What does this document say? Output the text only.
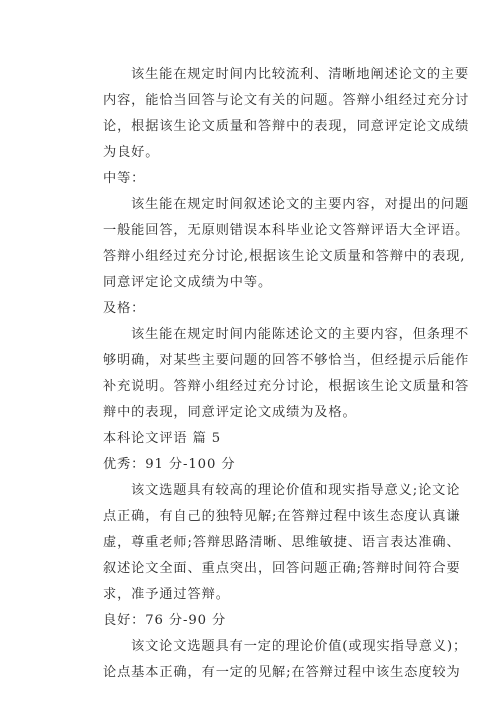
该生能在规定时间内比较流利、清晰地阐述论文的主要
内容，能恰当回答与论文有关的问题。答辩小组经过充分讨
论，根据该生论文质量和答辩中的表现，同意评定论文成绩
为良好。
中等：
该生能在规定时间叙述论文的主要内容，对提出的问题
一般能回答，无原则错误本科毕业论文答辩评语大全评语。
答辩小组经过充分讨论,根据该生论文质量和答辩中的表现,
同意评定论文成绩为中等。
及格：
该生能在规定时间内能陈述论文的主要内容，但条理不
够明确，对某些主要问题的回答不够恰当，但经提示后能作
补充说明。答辩小组经过充分讨论，根据该生论文质量和答
辩中的表现，同意评定论文成绩为及格。
本科论文评语 篇 5
优秀：91 分-100 分
该文选题具有较高的理论价值和现实指导意义;论文论
点正确，有自己的独特见解;在答辩过程中该生态度认真谦
虚，尊重老师;答辩思路清晰、思维敏捷、语言表达准确、
叙述论文全面、重点突出，回答问题正确;答辩时间符合要
求，准予通过答辩。
良好：76 分-90 分
该文论文选题具有一定的理论价值(或现实指导意义)；
论点基本正确，有一定的见解;在答辩过程中该生态度较为
